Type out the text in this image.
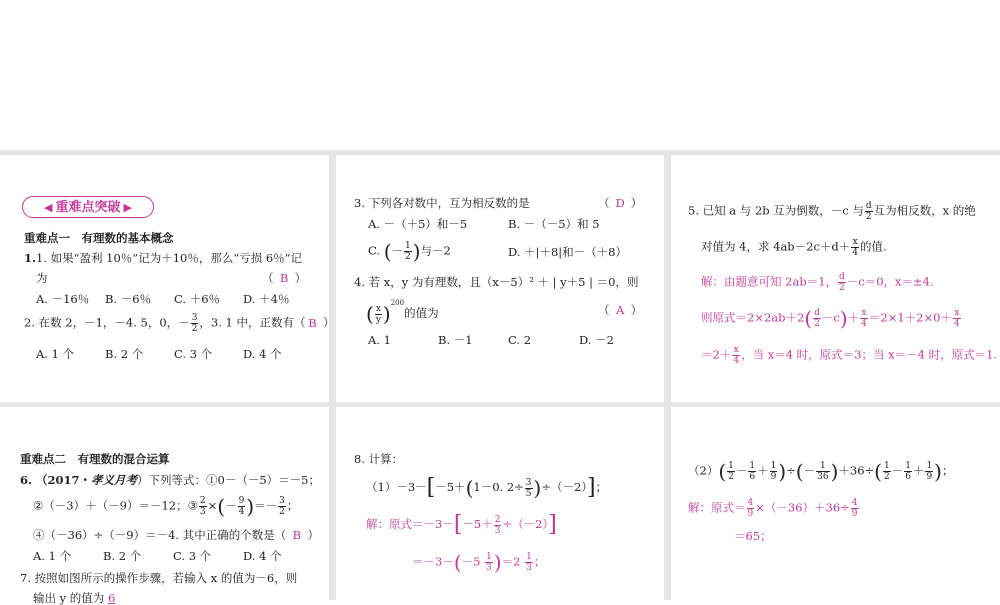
◀ 重难点突破 ▶
重难点一　有理数的基本概念
1.1. 如果“盈利 10％”记为＋10％，那么“亏损 6％”记
为	（ B ）
A. －16％ B. －6％ C. ＋6％ D. ＋4％
2. 在数 2，－1，－4. 5，0，－ $\frac{3}{2}$ ，3. 1 中，正数有（ B ）
A. 1 个	B. 2 个	C. 3 个	D. 4 个
3. 下列各对数中，互为相反数的是	（ D ）
A. －（＋5）和－5	B. －（－5）和 5
C. (－ $\frac{1}{2}$ )与－2	D. ＋|＋8|和－（＋8）
4. 若 x，y 为有理数，且（x－5）² ＋ | y＋5 | ＝0，则
( $\frac{x}{y} )^{200}$的值为	（ A ）
A. 1	B. －1	C. 2	D. －2
5. 已知 a 与 2b 互为倒数，－c 与 $\frac{d}{2}$ 互为相反数，x 的绝
对值为 4，求 $4ab-2c+d+ \frac{x}{4}$ 的值.
解：由题意可知 2ab＝1， $\frac{d}{2} -c=0$，x＝±4.
则原式$=2\times 2ab+2( \frac{d}{2} -c)+ \frac{x}{4} =2\times 1+2\times 0+ \frac{x}{4}$
$=2+ \frac{x}{4}$ ，当 x＝4 时，原式＝3；当 x＝－4 时，原式＝1.
重难点二　有理数的混合运算
6. （2017・孝义月考）下列等式：①0－（－5）＝－5；
②（－3）＋（－9）＝－12；③ $\frac{2}{3}$ ×(－ $\frac{9}{4}$ )＝－ $\frac{3}{2}$ ；
④（－36）÷（－9）＝－4. 其中正确的个数是（ B ）
A. 1 个	B. 2 个	C. 3 个	D. 4 个
7. 按照如图所示的操作步骤，若输入 x 的值为－6，则
输出 y 的值为 6
8. 计算：
（1）－3－[－5＋(1－0. $2\div \frac{3}{5} )\div(-2)$]；
解：原式$=-3-[-5+ \frac{2}{3} \div(-2)]$
$=-3-(-5 \frac{1}{3} )=2 \frac{1}{3}$ ；
$(2)( \frac{1}{2} - \frac{1}{6} + \frac{1}{9}$ )÷(－ $\frac{1}{36} )+36\div( \frac{1}{2} - \frac{1}{6} + \frac{1}{9}$ )；
解：原式＝ $\frac{4}{9} \times(-36)+36\div \frac{4}{9}$
＝65；
